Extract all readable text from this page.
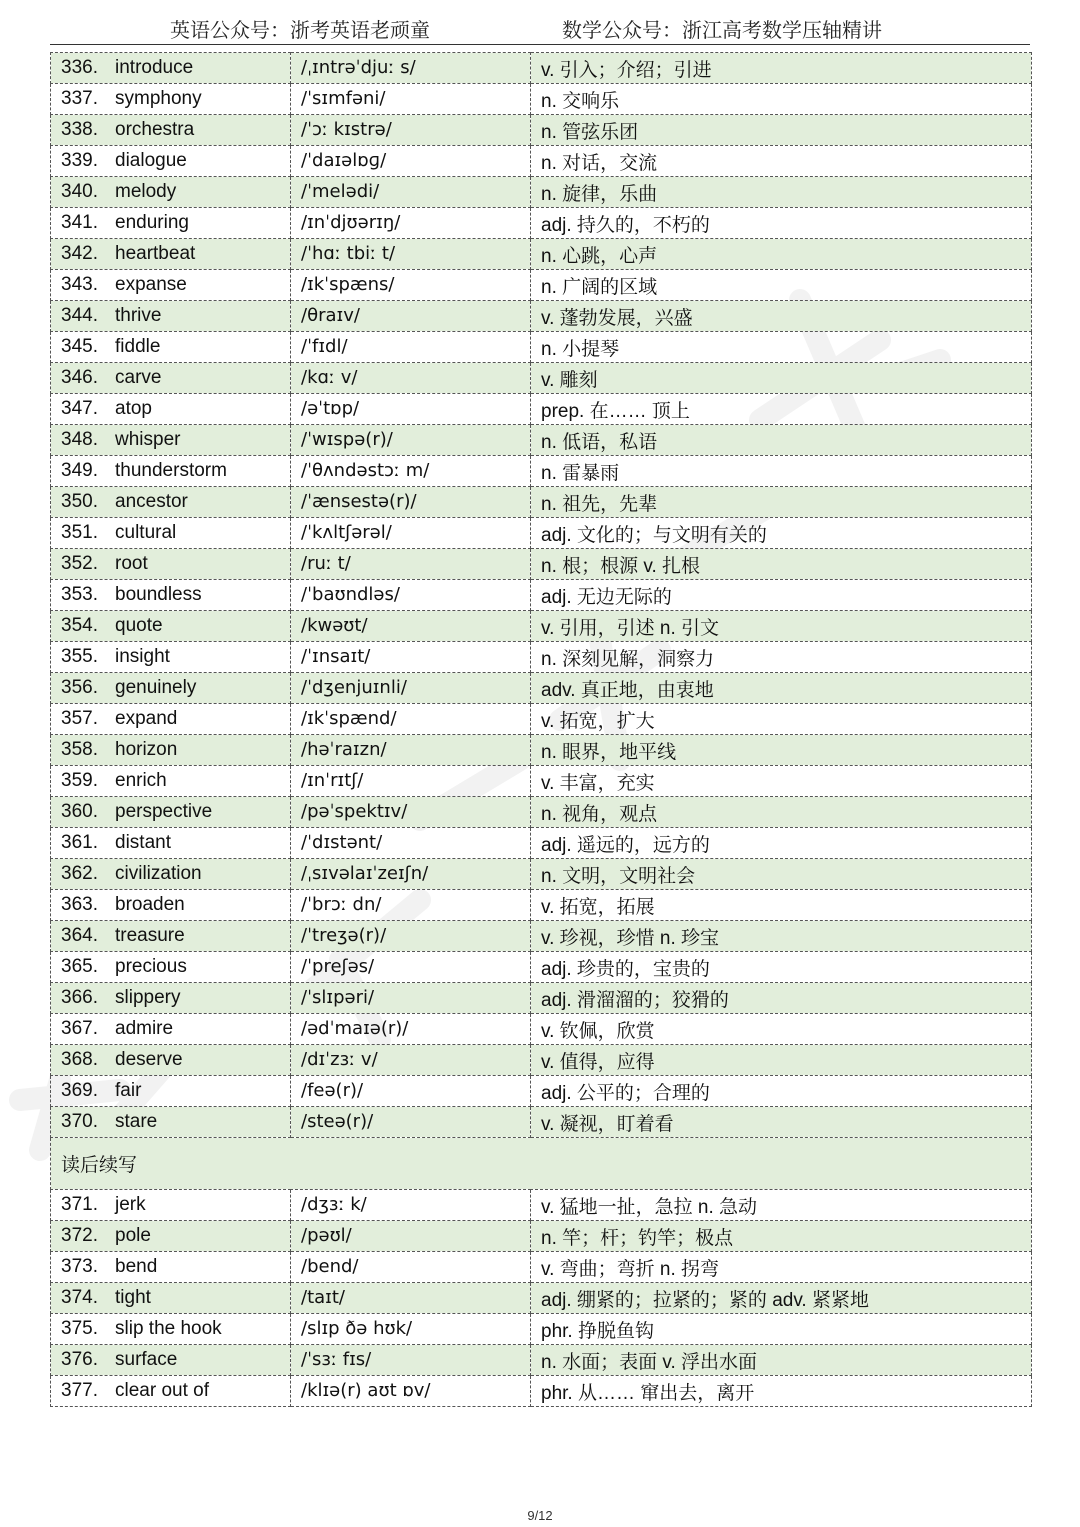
英语公众号：浙考英语老顽童	数学公众号：浙江高考数学压轴精讲
336. introduce	/ˌɪntrəˈdjuː s/	v. 引入；介绍；引进
337. symphony	/ˈsɪmfəni/	n. 交响乐
338. orchestra	/ˈɔː kɪstrə/	n. 管弦乐团
339. dialogue	/ˈdaɪəlɒɡ/	n. 对话，交流
340. melody	/ˈmelədi/	n. 旋律，乐曲
341. enduring	/ɪnˈdjʊərɪŋ/	adj. 持久的，不朽的
342. heartbeat	/ˈhɑː tbiː t/	n. 心跳，心声
343. expanse	/ɪkˈspæns/	n. 广阔的区域
344. thrive	/θraɪv/	v. 蓬勃发展，兴盛
345. fiddle	/ˈfɪdl/	n. 小提琴
346. carve	/kɑː v/	v. 雕刻
347. atop	/əˈtɒp/	prep. 在…… 顶上
348. whisper	/ˈwɪspə(r)/	n. 低语，私语
349. thunderstorm	/ˈθʌndəstɔː m/	n. 雷暴雨
350. ancestor	/ˈænsestə(r)/	n. 祖先，先辈
351. cultural	/ˈkʌltʃərəl/	adj. 文化的；与文明有关的
352. root	/ruː t/	n. 根；根源 v. 扎根
353. boundless	/ˈbaʊndləs/	adj. 无边无际的
354. quote	/kwəʊt/	v. 引用，引述 n. 引文
355. insight	/ˈɪnsaɪt/	n. 深刻见解，洞察力
356. genuinely	/ˈdʒenjuɪnli/	adv. 真正地，由衷地
357. expand	/ɪkˈspænd/	v. 拓宽，扩大
358. horizon	/həˈraɪzn/	n. 眼界，地平线
359. enrich	/ɪnˈrɪtʃ/	v. 丰富，充实
360. perspective	/pəˈspektɪv/	n. 视角，观点
361. distant	/ˈdɪstənt/	adj. 遥远的，远方的
362. civilization	/ˌsɪvəlaɪˈzeɪʃn/	n. 文明，文明社会
363. broaden	/ˈbrɔː dn/	v. 拓宽，拓展
364. treasure	/ˈtreʒə(r)/	v. 珍视，珍惜 n. 珍宝
365. precious	/ˈpreʃəs/	adj. 珍贵的，宝贵的
366. slippery	/ˈslɪpəri/	adj. 滑溜溜的；狡猾的
367. admire	/ədˈmaɪə(r)/	v. 钦佩，欣赏
368. deserve	/dɪˈzɜː v/	v. 值得，应得
369. fair	/feə(r)/	adj. 公平的；合理的
370. stare	/steə(r)/	v. 凝视，盯着看
读后续写		
371. jerk	/dʒɜː k/	v. 猛地一扯，急拉 n. 急动
372. pole	/pəʊl/	n. 竿；杆；钓竿；极点
373. bend	/bend/	v. 弯曲；弯折 n. 拐弯
374. tight	/taɪt/	adj. 绷紧的；拉紧的；紧的 adv. 紧紧地
375. slip the hook	/slɪp ðə hʊk/	phr. 挣脱鱼钩
376. surface	/ˈsɜː fɪs/	n. 水面；表面 v. 浮出水面
377. clear out of	/klɪə(r) aʊt ɒv/	phr. 从…… 窜出去，离开
9/12
